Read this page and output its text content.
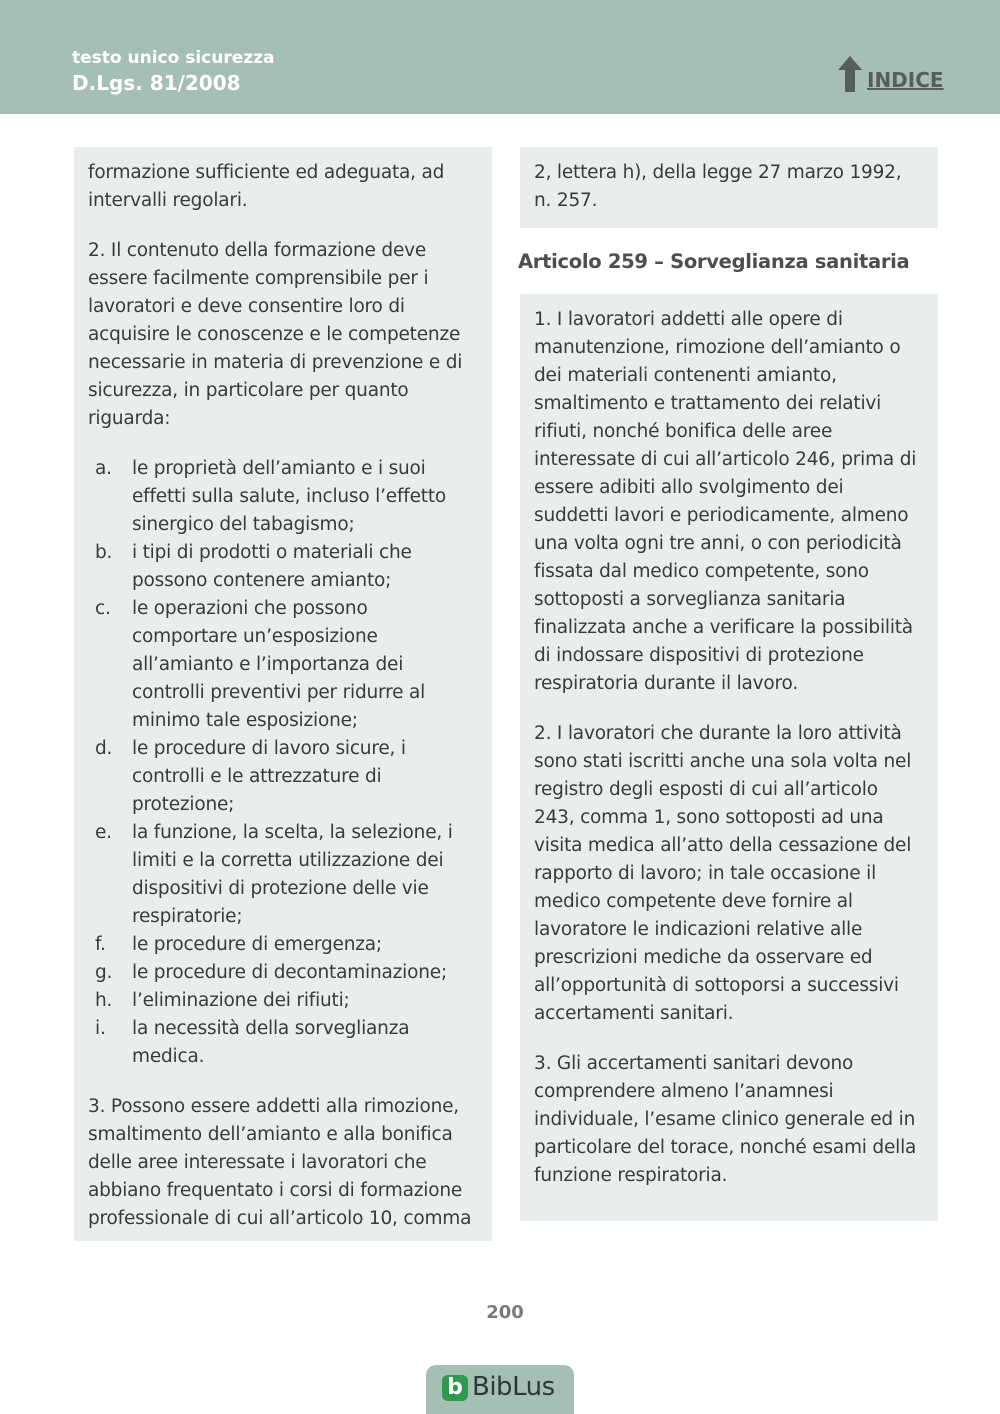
testo unico sicurezza
D.Lgs. 81/2008	INDICE

formazione sufficiente ed adeguata, ad intervalli regolari.

2. Il contenuto della formazione deve essere facilmente comprensibile per i lavoratori e deve consentire loro di acquisire le conoscenze e le competenze necessarie in materia di prevenzione e di sicurezza, in particolare per quanto riguarda:

a.	le proprietà dell’amianto e i suoi effetti sulla salute, incluso l’effetto sinergico del tabagismo;
b.	i tipi di prodotti o materiali che possono contenere amianto;
c.	le operazioni che possono comportare un’esposizione all’amianto e l’importanza dei controlli preventivi per ridurre al minimo tale esposizione;
d.	le procedure di lavoro sicure, i controlli e le attrezzature di protezione;
e.	la funzione, la scelta, la selezione, i limiti e la corretta utilizzazione dei dispositivi di protezione delle vie respiratorie;
f.	le procedure di emergenza;
g.	le procedure di decontaminazione;
h.	l’eliminazione dei rifiuti;
i.	la necessità della sorveglianza medica.

3. Possono essere addetti alla rimozione, smaltimento dell’amianto e alla bonifica delle aree interessate i lavoratori che abbiano frequentato i corsi di formazione professionale di cui all’articolo 10, comma

2, lettera h), della legge 27 marzo 1992, n. 257.

Articolo 259 – Sorveglianza sanitaria

1. I lavoratori addetti alle opere di manutenzione, rimozione dell’amianto o dei materiali contenenti amianto, smaltimento e trattamento dei relativi rifiuti, nonché bonifica delle aree interessate di cui all’articolo 246, prima di essere adibiti allo svolgimento dei suddetti lavori e periodicamente, almeno una volta ogni tre anni, o con periodicità fissata dal medico competente, sono sottoposti a sorveglianza sanitaria finalizzata anche a verificare la possibilità di indossare dispositivi di protezione respiratoria durante il lavoro.

2. I lavoratori che durante la loro attività sono stati iscritti anche una sola volta nel registro degli esposti di cui all’articolo 243, comma 1, sono sottoposti ad una visita medica all’atto della cessazione del rapporto di lavoro; in tale occasione il medico competente deve fornire al lavoratore le indicazioni relative alle prescrizioni mediche da osservare ed all’opportunità di sottoporsi a successivi accertamenti sanitari.

3. Gli accertamenti sanitari devono comprendere almeno l’anamnesi individuale, l’esame clinico generale ed in particolare del torace, nonché esami della funzione respiratoria.

200
b BibLus
